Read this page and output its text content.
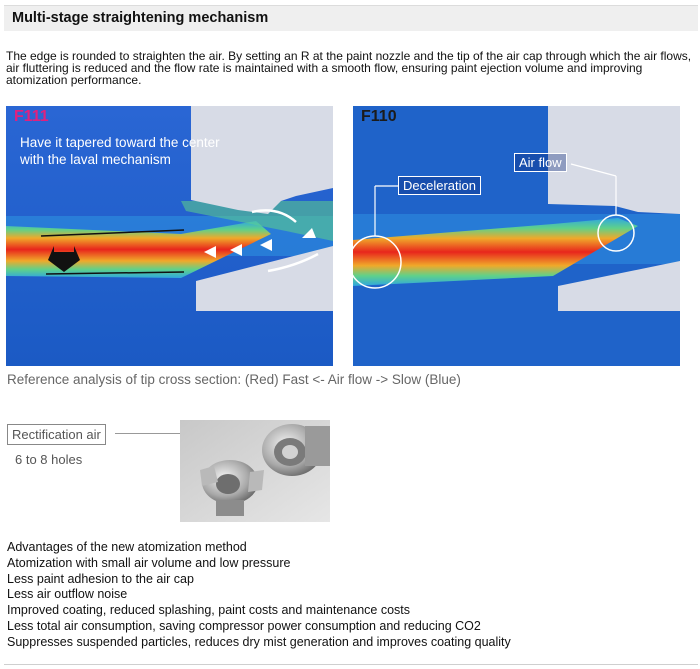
Multi-stage straightening mechanism

The edge is rounded to straighten the air. By setting an R at the paint nozzle and the tip of the air cap through which the air flows, air fluttering is reduced and the flow rate is maintained with a smooth flow, ensuring paint ejection volume and improving atomization performance.

F111
Have it tapered toward the center
with the laval mechanism
F110
Deceleration
Air flow
Reference analysis of tip cross section: (Red) Fast <- Air flow -> Slow (Blue)
Rectification air
6 to 8 holes
Advantages of the new atomization method
Atomization with small air volume and low pressure
Less paint adhesion to the air cap
Less air outflow noise
Improved coating, reduced splashing, paint costs and maintenance costs
Less total air consumption, saving compressor power consumption and reducing CO2
Suppresses suspended particles, reduces dry mist generation and improves coating quality
